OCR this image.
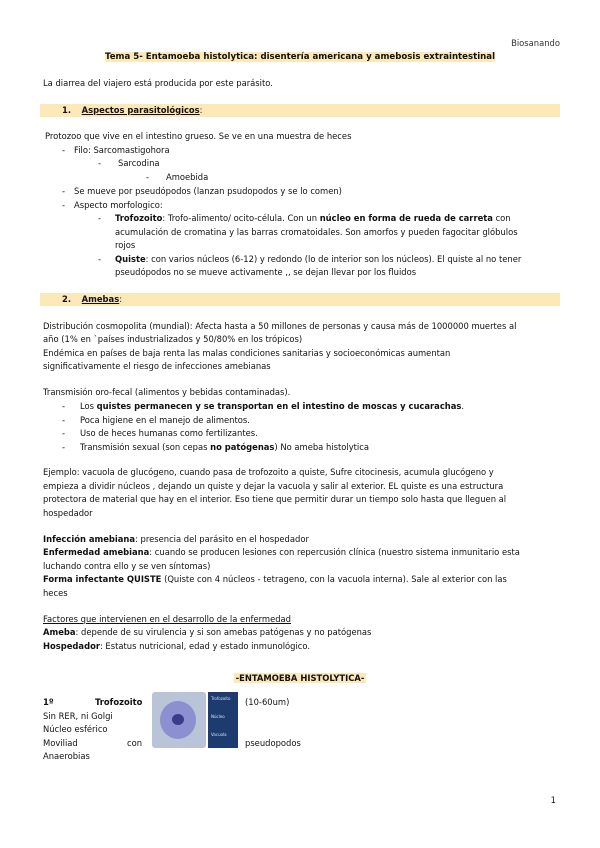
Biosanando
Tema 5- Entamoeba histolytica: disentería americana y amebosis extraintestinal
La diarrea del viajero está producida por este parásito.
1. Aspectos parasitológicos:
Protozoo que vive en el intestino grueso. Se ve en una muestra de heces
- Filo: Sarcomastigohora
- Sarcodina
- Amoebida
- Se mueve por pseudópodos (lanzan psudopodos y se lo comen)
- Aspecto morfologico:
- Trofozoito: Trofo-alimento/ ocito-célula. Con un núcleo en forma de rueda de carreta con
acumulación de cromatina y las barras cromatoidales. Son amorfos y pueden fagocitar glóbulos
rojos
- Quiste: con varios núcleos (6-12) y redondo (lo de interior son los núcleos). El quiste al no tener
pseudópodos no se mueve activamente ,, se dejan llevar por los fluidos
2. Amebas:
Distribución cosmopolita (mundial): Afecta hasta a 50 millones de personas y causa más de 1000000 muertes al
año (1% en `países industrializados y 50/80% en los trópicos)
Endémica en países de baja renta las malas condiciones sanitarias y socioeconómicas aumentan
significativamente el riesgo de infecciones amebianas
Transmisión oro-fecal (alimentos y bebidas contaminadas).
- Los quistes permanecen y se transportan en el intestino de moscas y cucarachas.
- Poca higiene en el manejo de alimentos.
- Uso de heces humanas como fertilizantes.
- Transmisión sexual (son cepas no patógenas) No ameba histolytica
Ejemplo: vacuola de glucógeno, cuando pasa de trofozoito a quiste, Sufre citocinesis, acumula glucógeno y
empieza a dividir núcleos , dejando un quiste y dejar la vacuola y salir al exterior. EL quiste es una estructura
protectora de material que hay en el interior. Eso tiene que permitir durar un tiempo solo hasta que lleguen al
hospedador
Infección amebiana: presencia del parásito en el hospedador
Enfermedad amebiana: cuando se producen lesiones con repercusión clínica (nuestro sistema inmunitario esta
luchando contra ello y se ven síntomas)
Forma infectante QUISTE (Quiste con 4 núcleos - tetrageno, con la vacuola interna). Sale al exterior con las
heces
Factores que intervienen en el desarrollo de la enfermedad
Ameba: depende de su virulencia y si son amebas patógenas y no patógenas
Hospedador: Estatus nutricional, edad y estado inmunológico.
-ENTAMOEBA HISTOLYTICA-
1º	Trofozoito	(10-60um)
Sin RER, ni Golgi
Núcleo esférico
Moviliad	con	pseudopodos
Anaerobias
Trofozoíto
Núcleo
Vacuola
1
